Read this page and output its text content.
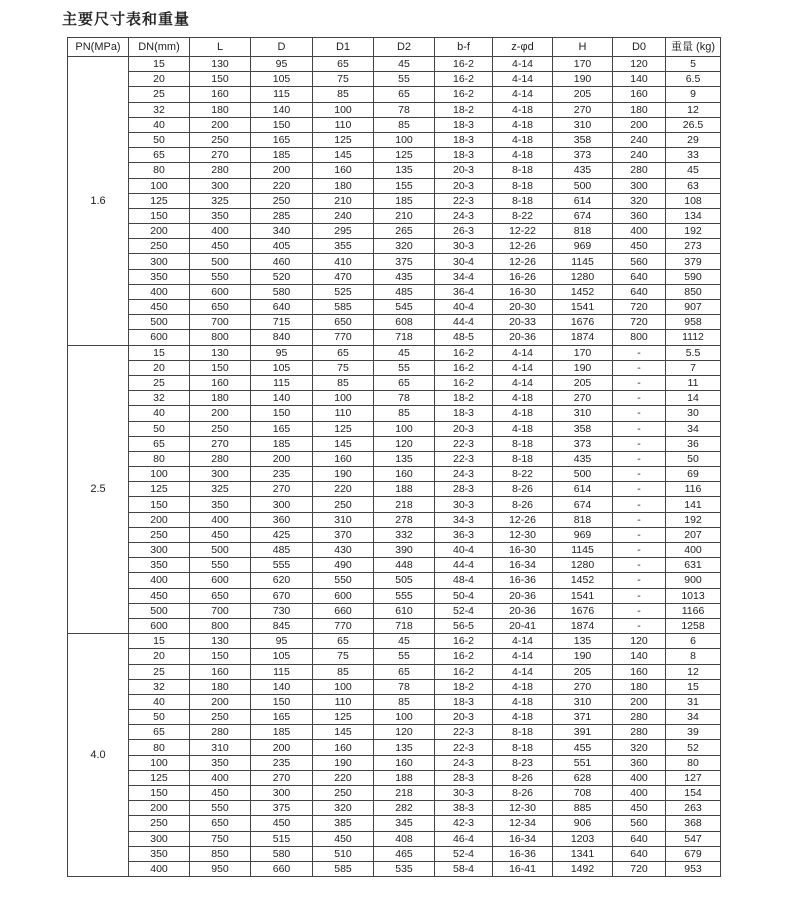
主要尺寸表和重量
PN(MPa)	DN(mm)	L	D	D1	D2	b-f	z-φd	H	D0	重量 (kg)
1.6	15	130	95	65	45	16-2	4-14	170	120	5
	20	150	105	75	55	16-2	4-14	190	140	6.5
	25	160	115	85	65	16-2	4-14	205	160	9
	32	180	140	100	78	18-2	4-18	270	180	12
	40	200	150	110	85	18-3	4-18	310	200	26.5
	50	250	165	125	100	18-3	4-18	358	240	29
	65	270	185	145	125	18-3	4-18	373	240	33
	80	280	200	160	135	20-3	8-18	435	280	45
	100	300	220	180	155	20-3	8-18	500	300	63
	125	325	250	210	185	22-3	8-18	614	320	108
	150	350	285	240	210	24-3	8-22	674	360	134
	200	400	340	295	265	26-3	12-22	818	400	192
	250	450	405	355	320	30-3	12-26	969	450	273
	300	500	460	410	375	30-4	12-26	1145	560	379
	350	550	520	470	435	34-4	16-26	1280	640	590
	400	600	580	525	485	36-4	16-30	1452	640	850
	450	650	640	585	545	40-4	20-30	1541	720	907
	500	700	715	650	608	44-4	20-33	1676	720	958
	600	800	840	770	718	48-5	20-36	1874	800	1112
2.5	15	130	95	65	45	16-2	4-14	170	-	5.5
	20	150	105	75	55	16-2	4-14	190	-	7
	25	160	115	85	65	16-2	4-14	205	-	11
	32	180	140	100	78	18-2	4-18	270	-	14
	40	200	150	110	85	18-3	4-18	310	-	30
	50	250	165	125	100	20-3	4-18	358	-	34
	65	270	185	145	120	22-3	8-18	373	-	36
	80	280	200	160	135	22-3	8-18	435	-	50
	100	300	235	190	160	24-3	8-22	500	-	69
	125	325	270	220	188	28-3	8-26	614	-	116
	150	350	300	250	218	30-3	8-26	674	-	141
	200	400	360	310	278	34-3	12-26	818	-	192
	250	450	425	370	332	36-3	12-30	969	-	207
	300	500	485	430	390	40-4	16-30	1145	-	400
	350	550	555	490	448	44-4	16-34	1280	-	631
	400	600	620	550	505	48-4	16-36	1452	-	900
	450	650	670	600	555	50-4	20-36	1541	-	1013
	500	700	730	660	610	52-4	20-36	1676	-	1166
	600	800	845	770	718	56-5	20-41	1874	-	1258
4.0	15	130	95	65	45	16-2	4-14	135	120	6
	20	150	105	75	55	16-2	4-14	190	140	8
	25	160	115	85	65	16-2	4-14	205	160	12
	32	180	140	100	78	18-2	4-18	270	180	15
	40	200	150	110	85	18-3	4-18	310	200	31
	50	250	165	125	100	20-3	4-18	371	280	34
	65	280	185	145	120	22-3	8-18	391	280	39
	80	310	200	160	135	22-3	8-18	455	320	52
	100	350	235	190	160	24-3	8-23	551	360	80
	125	400	270	220	188	28-3	8-26	628	400	127
	150	450	300	250	218	30-3	8-26	708	400	154
	200	550	375	320	282	38-3	12-30	885	450	263
	250	650	450	385	345	42-3	12-34	906	560	368
	300	750	515	450	408	46-4	16-34	1203	640	547
	350	850	580	510	465	52-4	16-36	1341	640	679
	400	950	660	585	535	58-4	16-41	1492	720	953
